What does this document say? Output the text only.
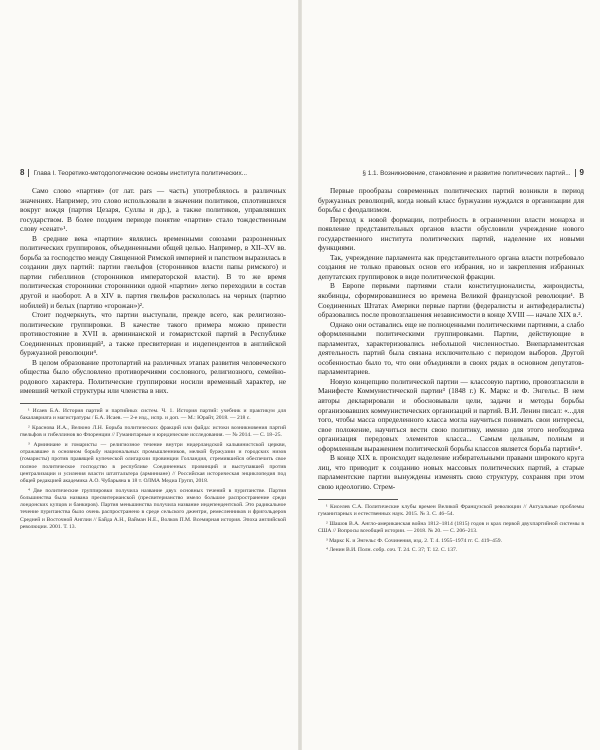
8 Глава I. Теоретико-методологические основы института политических...

Само слово «партия» (от лат. pars — часть) употреблялось в различных значениях. Например, это слово использовали в значении политиков, сплотившихся вокруг вождя (партия Цезаря, Суллы и др.), а также политиков, управлявших государством. В более позднем периоде понятие «партия» стало тождественным слову «сенат»¹.

В средние века «партии» являлись временными союзами разрозненных политических группировок, объединенными общей целью. Например, в XII–XV вв. борьба за господство между Священной Римской империей и папством выразилась в создании двух партий: партии гвельфов (сторонников власти папы римского) и партии гибеллинов (сторонников императорской власти). В то же время политическая сторонники стороннники одной «партии» легко переходили в состав другой и наоборот. А в XIV в. партия гвельфов раскололась на черных (партию нобилей) и белых (партию «горожан»)².

Стоит подчеркнуть, что партии выступали, прежде всего, как религиозно-политические группировки. В качестве такого примера можно привести противостояние в XVII в. арминианской и гомаристской партий в Республике Соединенных провинций³, а также пресвитериан и индепендентов в английской буржуазной революции⁴.

В целом образование протопартий на различных этапах развития человеческого общества было обусловлено противоречиями сословного, религиозного, семейно-родового характера. Политические группировки носили временный характер, не имевший четкой структуры или членства в них.

¹ Исаев Б.А. История партий и партийных систем. Ч. 1. История партий: учебник и практикум для бакалавриата и магистратуры / Б.А. Исаев. — 2-е изд., испр. и доп. — М.: Юрайт, 2018. — 218 с.

² Краснова И.А., Велюно Л.Н. Борьба политических фракций или файда: истоки возникновения партий гвельфов и гибеллинов во Флоренции // Гуманитарные и юридические исследования. — № 2014. — С. 18–25.

³ Арминиане и гомаристы — религиозное течение внутри нидерландской кальвинистской церкви, отражавшее в основном борьбу национальных промышленников, мелкой буржуазии и городских низов (гомаристы) против правящей купеческой олигархии провинции Голландия, стремившейся обеспечить свое полное политическое господство в республике Соединенных провинций и выступавшей против централизации и усиления власти штатгальтера (арминиане) // Российская историческая энциклопедия под общей редакцией академика А.О. Чубарьяна в 18 т. ОЛМА Медиа Групп, 2018.

⁴ Две политические группировки получила название двух основных течений в пуританстве. Партия большинства была названа пресвитерианской (пресвитерианство имело большое распространение среди лондонских купцов и банкиров). Партия меньшинства получила название индепендентской. Это радикальное течение пуританства было очень распространено в среде сельского джентри, ремесленников и фригольдеров Средней и Восточной Англии // Байда А.Н., Вайман Н.Е., Волков П.М. Всемирная история. Эпоха английской революции. 2001. Т. 13.

§ 1.1. Возникновение, становление и развитие политических партий... 9

Первые прообразы современных политических партий возникли в период буржуазных революций, когда новый класс буржуазии нуждался в организации для борьбы с феодализмом.

Переход к новой формации, потребность в ограничении власти монарха и появление представительных органов власти обусловили учреждение нового государственного института политических партий, наделение их новыми функциями.

Так, учреждение парламента как представительного органа власти потребовало создания не только правовых основ его избрания, но и закрепления избранных депутатских группировок в виде политической фракции.

В Европе первыми партиями стали конституционалисты, жирондисты, якобинцы, сформировавшиеся во времена Великой французской революции¹. В Соединенных Штатах Америки первые партии (федералисты и антифедералисты) образовались после провозглашения независимости в конце XVIII — начале XIX в.².

Однако они оставались еще не полноценными политическими партиями, а слабо оформленными политическими группировками. Партии, действующие в парламентах, характеризовались небольшой численностью. Внепарламентская деятельность партий была связана исключительно с периодом выборов. Другой особенностью было то, что они объединяли в своих рядах в основном депутатов-парламентариев.

Новую концепцию политической партии — классовую партию, провозгласили в Манифесте Коммунистической партии³ (1848 г.) К. Маркс и Ф. Энгельс. В нем авторы декларировали и обосновывали цели, задачи и методы борьбы организовавших коммунистических организаций и партий. В.И. Ленин писал: «...для того, чтобы масса определенного класса могла научиться понимать свои интересы, свое положение, научиться вести свою политику, именно для этого необходима организация передовых элементов класса... Самым цельным, полным и оформленным выражением политической борьбы классов является борьба партий»⁴.

В конце XIX в. происходит наделение избирательными правами широкого круга лиц, что приводит к созданию новых массовых политических партий, а старые парламентские партии вынуждены изменять свою структуру, сохраняя при этом свою идеологию. Стрем-

¹ Киселев С.А. Политические клубы времен Великой Французской революции // Актуальные проблемы гуманитарных и естественных наук. 2015. № 3. С. 46–54.

² Шашов В.А. Англо-американская война 1812–1814 (1815) годов и крах первой двухпартийной системы в США // Вопросы всеобщей истории. — 2018. № 20. — С. 206–213.

³ Маркс К. и Энгельс Ф. Сочинения, изд. 2. Т. 4. 1955–1974 гг. С. 419–459.

⁴ Ленин В.И. Полн. собр. соч. Т. 24. С. 37; Т. 12. С. 137.
